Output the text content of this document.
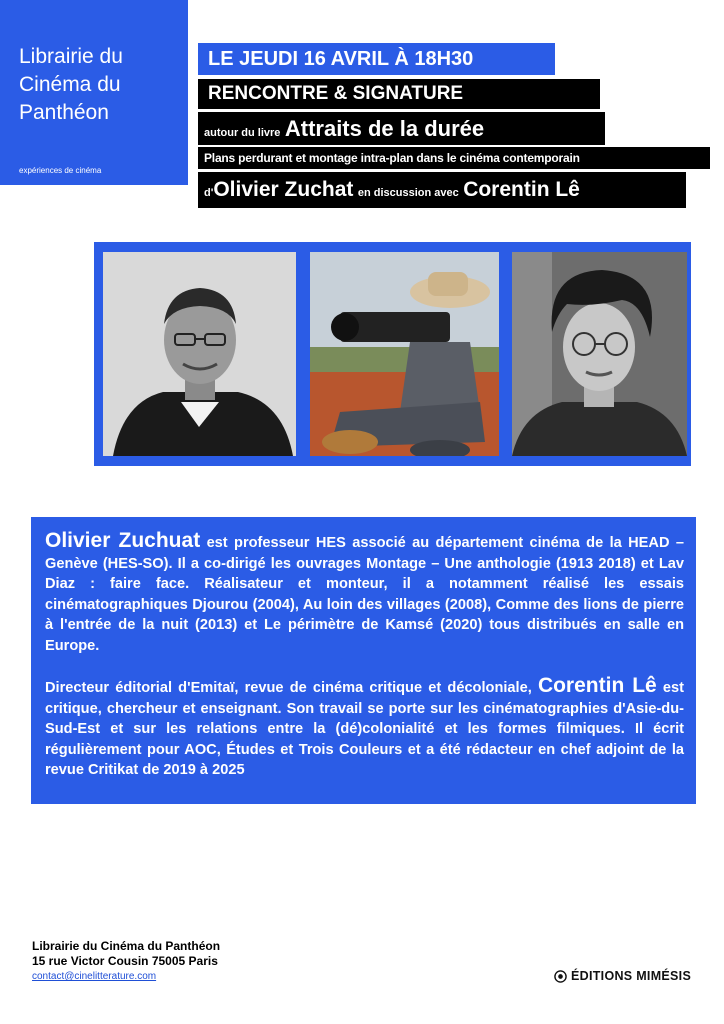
Librairie du Cinéma du Panthéon
expériences de cinéma
LE JEUDI 16 AVRIL À 18H30
RENCONTRE & SIGNATURE
autour du livre Attraits de la durée
Plans perdurant et montage intra-plan dans le cinéma contemporain
d'Olivier Zuchat en discussion avec Corentin Lê

Olivier Zuchuat est professeur HES associé au département cinéma de la HEAD – Genève (HES-SO). Il a co-dirigé les ouvrages Montage – Une anthologie (1913 2018) et Lav Diaz : faire face. Réalisateur et monteur, il a notamment réalisé les essais cinématographiques Djourou (2004), Au loin des villages (2008), Comme des lions de pierre à l'entrée de la nuit (2013) et Le périmètre de Kamsé (2020) tous distribués en salle en Europe.

Directeur éditorial d'Emitaï, revue de cinéma critique et décoloniale, Corentin Lê est critique, chercheur et enseignant. Son travail se porte sur les cinématographies d'Asie-du-Sud-Est et sur les relations entre la (dé)colonialité et les formes filmiques. Il écrit régulièrement pour AOC, Études et Trois Couleurs et a été rédacteur en chef adjoint de la revue Critikat de 2019 à 2025

Librairie du Cinéma du Panthéon
15 rue Victor Cousin 75005 Paris
contact@cinelitterature.com	ÉDITIONS MIMÉSIS
